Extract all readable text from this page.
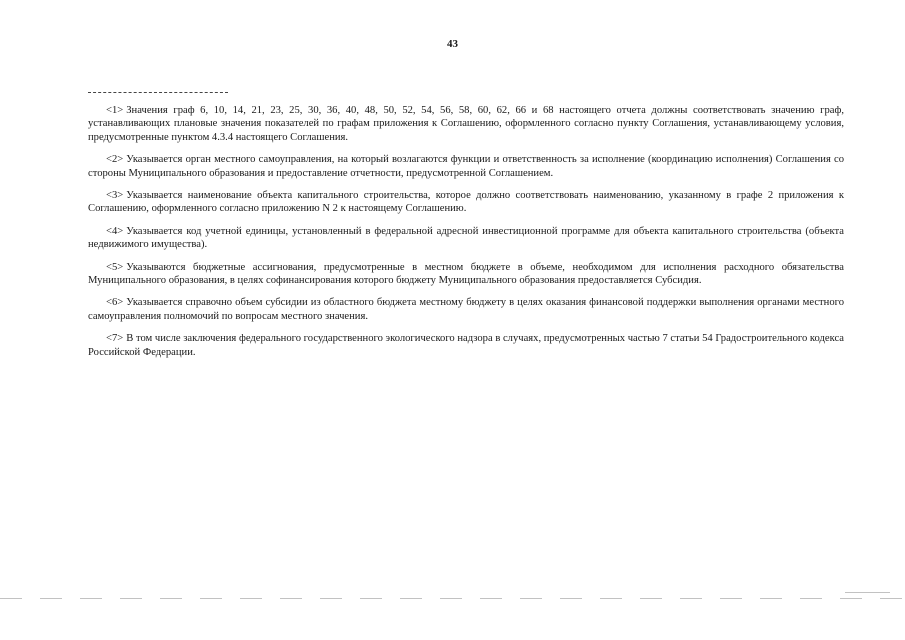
43

<1> Значения граф 6, 10, 14, 21, 23, 25, 30, 36, 40, 48, 50, 52, 54, 56, 58, 60, 62, 66 и 68 настоящего отчета должны соответствовать значению граф, устанавливающих плановые значения показателей по графам приложения к Соглашению, оформленного согласно пункту Соглашения, устанавливающему условия, предусмотренные пунктом 4.3.4 настоящего Соглашения.

<2> Указывается орган местного самоуправления, на который возлагаются функции и ответственность за исполнение (координацию исполнения) Соглашения со стороны Муниципального образования и предоставление отчетности, предусмотренной Соглашением.

<3> Указывается наименование объекта капитального строительства, которое должно соответствовать наименованию, указанному в графе 2 приложения к Соглашению, оформленного согласно приложению N 2 к настоящему Соглашению.

<4> Указывается код учетной единицы, установленный в федеральной адресной инвестиционной программе для объекта капитального строительства (объекта недвижимого имущества).

<5> Указываются бюджетные ассигнования, предусмотренные в местном бюджете в объеме, необходимом для исполнения расходного обязательства Муниципального образования, в целях софинансирования которого бюджету Муниципального образования предоставляется Субсидия.

<6> Указывается справочно объем субсидии из областного бюджета местному бюджету в целях оказания финансовой поддержки выполнения органами местного самоуправления полномочий по вопросам местного значения.

<7> В том числе заключения федерального государственного экологического надзора в случаях, предусмотренных частью 7 статьи 54 Градостроительного кодекса Российской Федерации.
